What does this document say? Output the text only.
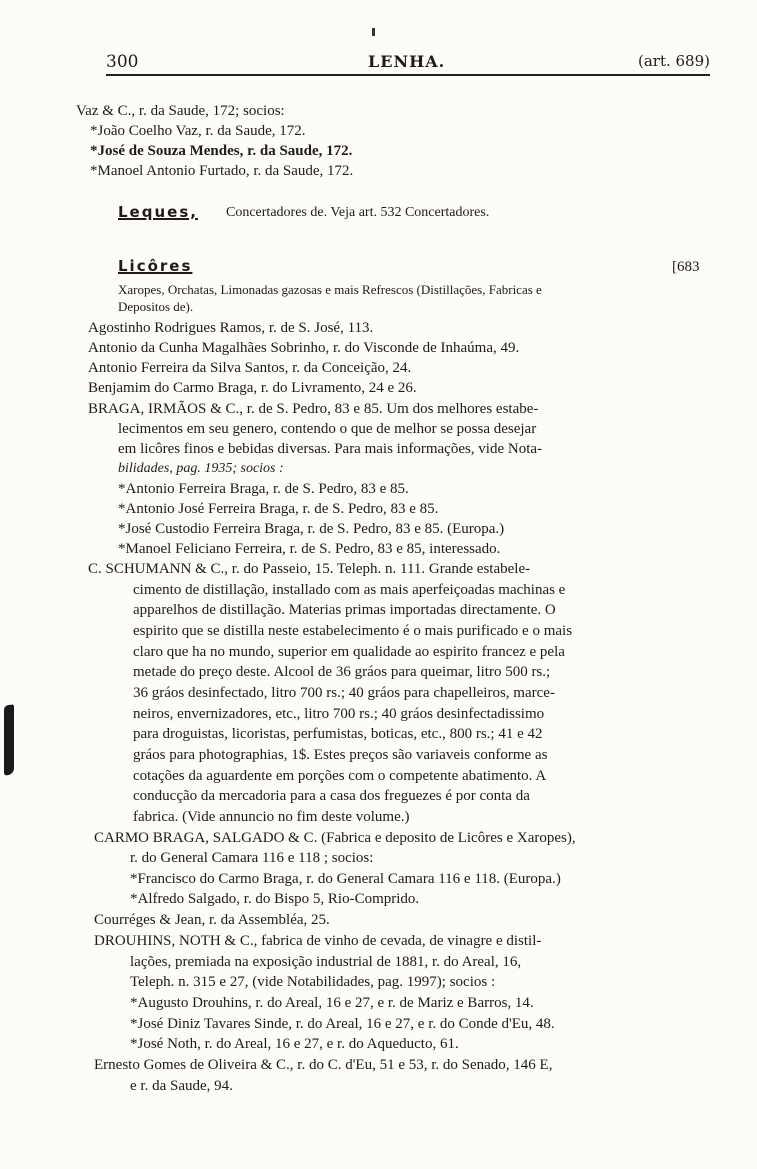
300	LENHA.	(art. 689)
Vaz & C., r. da Saude, 172; socios:
*João Coelho Vaz, r. da Saude, 172.
*José de Souza Mendes, r. da Saude, 172.
*Manoel Antonio Furtado, r. da Saude, 172.
Leques, Concertadores de. Veja art. 532 Concertadores.
Licôres	[683
Xaropes, Orchatas, Limonadas gazosas e mais Refrescos (Distillações, Fabricas e
Depositos de).
Agostinho Rodrigues Ramos, r. de S. José, 113.
Antonio da Cunha Magalhães Sobrinho, r. do Visconde de Inhaúma, 49.
Antonio Ferreira da Silva Santos, r. da Conceição, 24.
Benjamim do Carmo Braga, r. do Livramento, 24 e 26.
BRAGA, IRMÃOS & C., r. de S. Pedro, 83 e 85. Um dos melhores estabe-
lecimentos em seu genero, contendo o que de melhor se possa desejar
em licôres finos e bebidas diversas. Para mais informações, vide Nota-
bilidades, pag. 1935; socios :
*Antonio Ferreira Braga, r. de S. Pedro, 83 e 85.
*Antonio José Ferreira Braga, r. de S. Pedro, 83 e 85.
*José Custodio Ferreira Braga, r. de S. Pedro, 83 e 85. (Europa.)
*Manoel Feliciano Ferreira, r. de S. Pedro, 83 e 85, interessado.
C. SCHUMANN & C., r. do Passeio, 15. Teleph. n. 111. Grande estabele-
cimento de distillação, installado com as mais aperfeiçoadas machinas e
apparelhos de distillação. Materias primas importadas directamente. O
espirito que se distilla neste estabelecimento é o mais purificado e o mais
claro que ha no mundo, superior em qualidade ao espirito francez e pela
metade do preço deste. Alcool de 36 gráos para queimar, litro 500 rs.;
36 gráos desinfectado, litro 700 rs.; 40 gráos para chapelleiros, marce-
neiros, envernizadores, etc., litro 700 rs.; 40 gráos desinfectadissimo
para droguistas, licoristas, perfumistas, boticas, etc., 800 rs.; 41 e 42
gráos para photographias, 1$. Estes preços são variaveis conforme as
cotações da aguardente em porções com o competente abatimento. A
conducção da mercadoria para a casa dos freguezes é por conta da
fabrica. (Vide annuncio no fim deste volume.)
CARMO BRAGA, SALGADO & C. (Fabrica e deposito de Licôres e Xaropes),
r. do General Camara 116 e 118 ; socios:
*Francisco do Carmo Braga, r. do General Camara 116 e 118. (Europa.)
*Alfredo Salgado, r. do Bispo 5, Rio-Comprido.
Courréges & Jean, r. da Assembléa, 25.
DROUHINS, NOTH & C., fabrica de vinho de cevada, de vinagre e distil-
lações, premiada na exposição industrial de 1881, r. do Areal, 16,
Teleph. n. 315 e 27, (vide Notabilidades, pag. 1997); socios :
*Augusto Drouhins, r. do Areal, 16 e 27, e r. de Mariz e Barros, 14.
*José Diniz Tavares Sinde, r. do Areal, 16 e 27, e r. do Conde d'Eu, 48.
*José Noth, r. do Areal, 16 e 27, e r. do Aqueducto, 61.
Ernesto Gomes de Oliveira & C., r. do C. d'Eu, 51 e 53, r. do Senado, 146 E,
e r. da Saude, 94.
